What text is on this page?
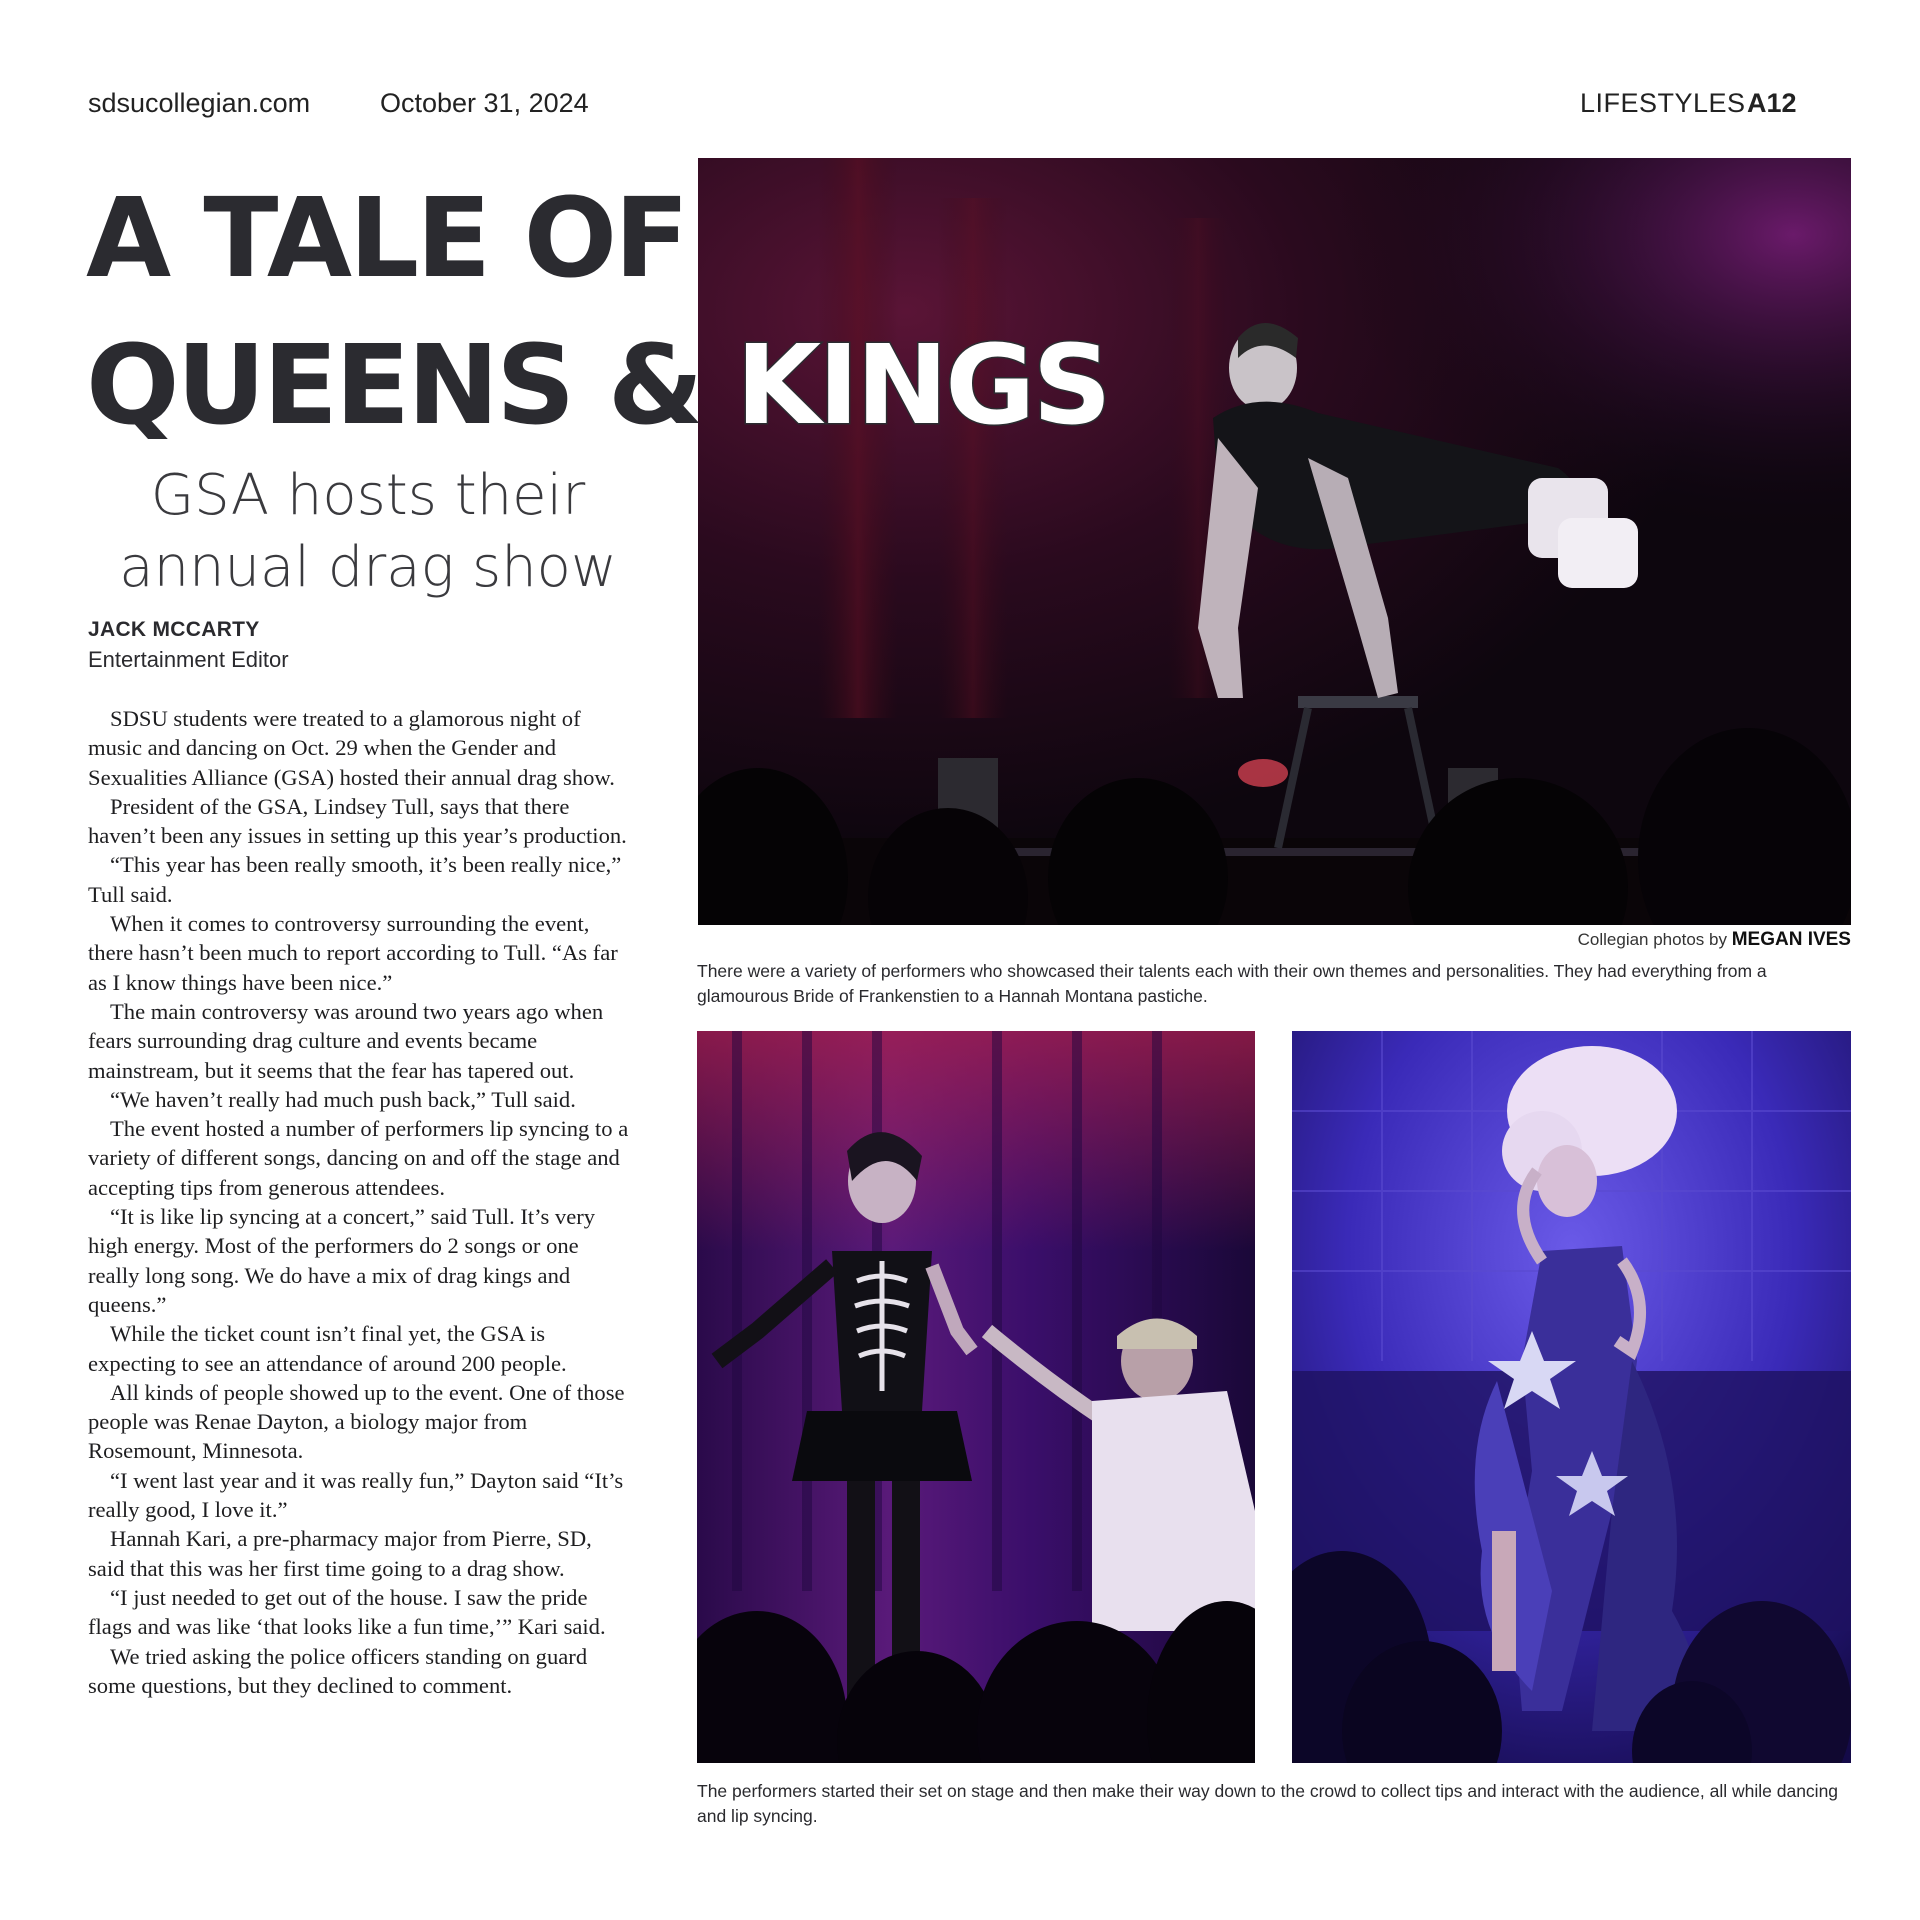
sdsucollegian.com	October 31, 2024	LIFESTYLES A12
A TALE OF
QUEENS & KINGS
GSA hosts their
annual drag show
JACK MCCARTY
Entertainment Editor

SDSU students were treated to a glamorous night of music and dancing on Oct. 29 when the Gender and Sexualities Alliance (GSA) hosted their annual drag show.

President of the GSA, Lindsey Tull, says that there haven’t been any issues in setting up this year’s production.

“This year has been really smooth, it’s been really nice,” Tull said.

When it comes to controversy surrounding the event, there hasn’t been much to report according to Tull. “As far as I know things have been nice.”

The main controversy was around two years ago when fears surrounding drag culture and events became mainstream, but it seems that the fear has tapered out.

“We haven’t really had much push back,” Tull said.

The event hosted a number of performers lip syncing to a variety of different songs, dancing on and off the stage and accepting tips from generous attendees.

“It is like lip syncing at a concert,” said Tull. It’s very high energy. Most of the performers do 2 songs or one really long song. We do have a mix of drag kings and queens.”

While the ticket count isn’t final yet, the GSA is expecting to see an attendance of around 200 people.

All kinds of people showed up to the event. One of those people was Renae Dayton, a biology major from Rosemount, Minnesota.

“I went last year and it was really fun,” Dayton said “It’s really good, I love it.”

Hannah Kari, a pre-pharmacy major from Pierre, SD, said that this was her first time going to a drag show.

“I just needed to get out of the house. I saw the pride flags and was like ‘that looks like a fun time,’” Kari said.

We tried asking the police officers standing on guard some questions, but they declined to comment.

Collegian photos by MEGAN IVES
There were a variety of performers who showcased their talents each with their own themes and personalities. They had everything from a glamourous Bride of Frankenstien to a Hannah Montana pastiche.
The performers started their set on stage and then make their way down to the crowd to collect tips and interact with the audience, all while dancing and lip syncing.
